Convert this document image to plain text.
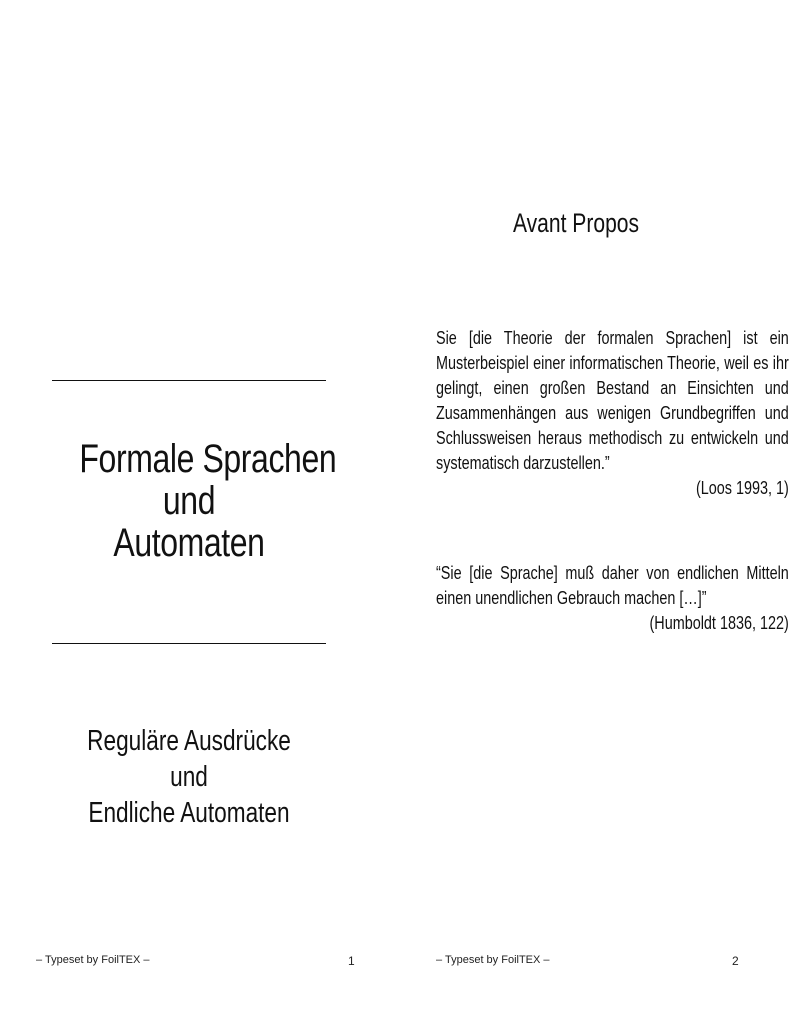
Formale Sprachen
und
Automaten
Reguläre Ausdrücke
und
Endliche Automaten
– Typeset by FoilTEX –	1
Avant Propos
Sie [die Theorie der formalen Sprachen] ist ein Musterbeispiel einer informatischen Theorie, weil es ihr gelingt, einen großen Bestand an Einsichten und Zusammenhängen aus wenigen Grundbegriffen und Schlussweisen heraus methodisch zu entwickeln und systematisch darzustellen.”
(Loos 1993, 1)
“Sie [die Sprache] muß daher von endlichen Mitteln einen unendlichen Gebrauch machen […]”
(Humboldt 1836, 122)
– Typeset by FoilTEX –	2
